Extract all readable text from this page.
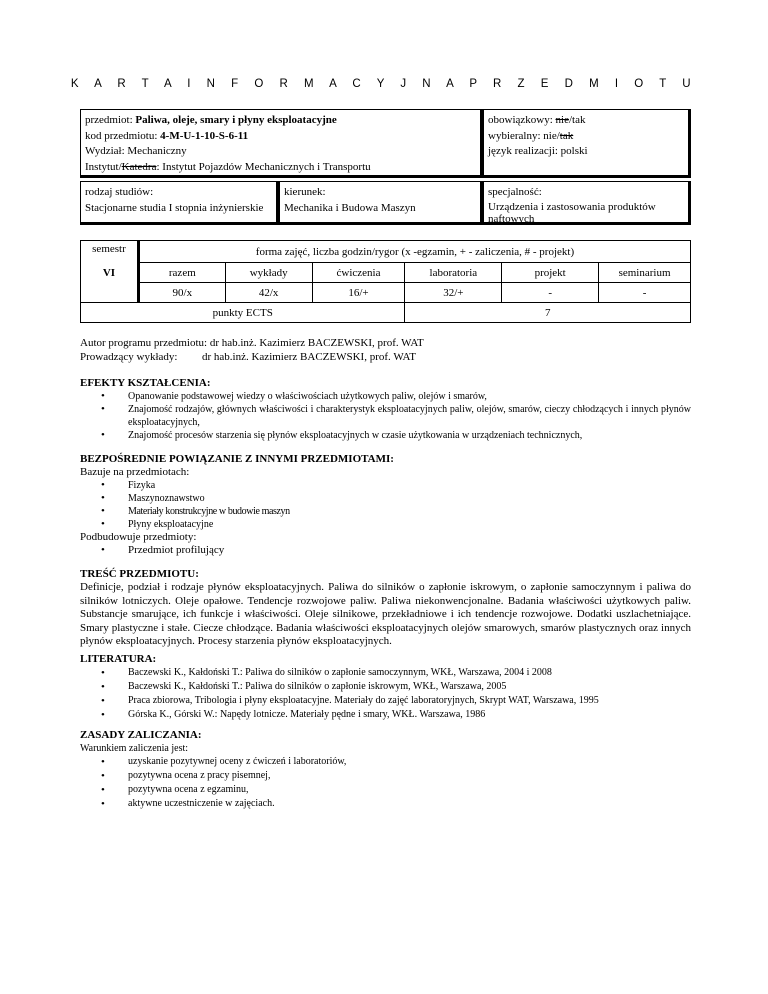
K A R T A I N F O R M A C Y J N A P R Z E D M I O T U
przedmiot: Paliwa, oleje, smary i płyny eksploatacyjne
kod przedmiotu: 4-M-U-1-10-S-6-11
Wydział: Mechaniczny
Instytut/Katedra: Instytut Pojazdów Mechanicznych i Transportu
obowiązkowy: nie/tak
wybieralny: nie/tak
język realizacji: polski
rodzaj studiów:
Stacjonarne studia I stopnia inżynierskie
kierunek:
Mechanika i Budowa Maszyn
specjalność:
Urządzenia i zastosowania produktów naftowych
semestr
VI	forma zajęć, liczba godzin/rygor (x -egzamin, + - zaliczenia, # - projekt)					
	razem	wykłady	ćwiczenia	laboratoria	projekt	seminarium
	90/x	42/x	16/+	32/+	-	-
punkty ECTS				7		
Autor programu przedmiotu: dr hab.inż. Kazimierz BACZEWSKI, prof. WAT
Prowadzący wykłady: dr hab.inż. Kazimierz BACZEWSKI, prof. WAT
EFEKTY KSZTAŁCENIA:
• Opanowanie podstawowej wiedzy o właściwościach użytkowych paliw, olejów i smarów,
• Znajomość rodzajów, głównych właściwości i charakterystyk eksploatacyjnych paliw, olejów, smarów, cieczy chłodzących i innych płynów eksploatacyjnych,
• Znajomość procesów starzenia się płynów eksploatacyjnych w czasie użytkowania w urządzeniach technicznych,
BEZPOŚREDNIE POWIĄZANIE Z INNYMI PRZEDMIOTAMI:
Bazuje na przedmiotach:
• Fizyka
• Maszynoznawstwo
• Materiały konstrukcyjne w budowie maszyn
• Płyny eksploatacyjne
Podbudowuje przedmioty:
• Przedmiot profilujący
TREŚĆ PRZEDMIOTU:
Definicje, podział i rodzaje płynów eksploatacyjnych. Paliwa do silników o zapłonie iskrowym, o zapłonie samoczynnym i paliwa do silników lotniczych. Oleje opałowe. Tendencje rozwojowe paliw. Paliwa niekonwencjonalne. Badania właściwości użytkowych paliw. Substancje smarujące, ich funkcje i właściwości. Oleje silnikowe, przekładniowe i ich tendencje rozwojowe. Dodatki uszlachetniające. Smary plastyczne i stałe. Ciecze chłodzące. Badania właściwości eksploatacyjnych olejów smarowych, smarów plastycznych oraz innych płynów eksploatacyjnych. Procesy starzenia płynów eksploatacyjnych.
LITERATURA:
• Baczewski K., Kałdoński T.: Paliwa do silników o zapłonie samoczynnym, WKŁ, Warszawa, 2004 i 2008
• Baczewski K., Kałdoński T.: Paliwa do silników o zapłonie iskrowym, WKŁ, Warszawa, 2005
• Praca zbiorowa, Tribologia i płyny eksploatacyjne. Materiały do zajęć laboratoryjnych, Skrypt WAT, Warszawa, 1995
• Górska K., Górski W.: Napędy lotnicze. Materiały pędne i smary, WKŁ. Warszawa, 1986
ZASADY ZALICZANIA:
Warunkiem zaliczenia jest:
• uzyskanie pozytywnej oceny z ćwiczeń i laboratoriów,
• pozytywna ocena z pracy pisemnej,
• pozytywna ocena z egzaminu,
• aktywne uczestniczenie w zajęciach.
